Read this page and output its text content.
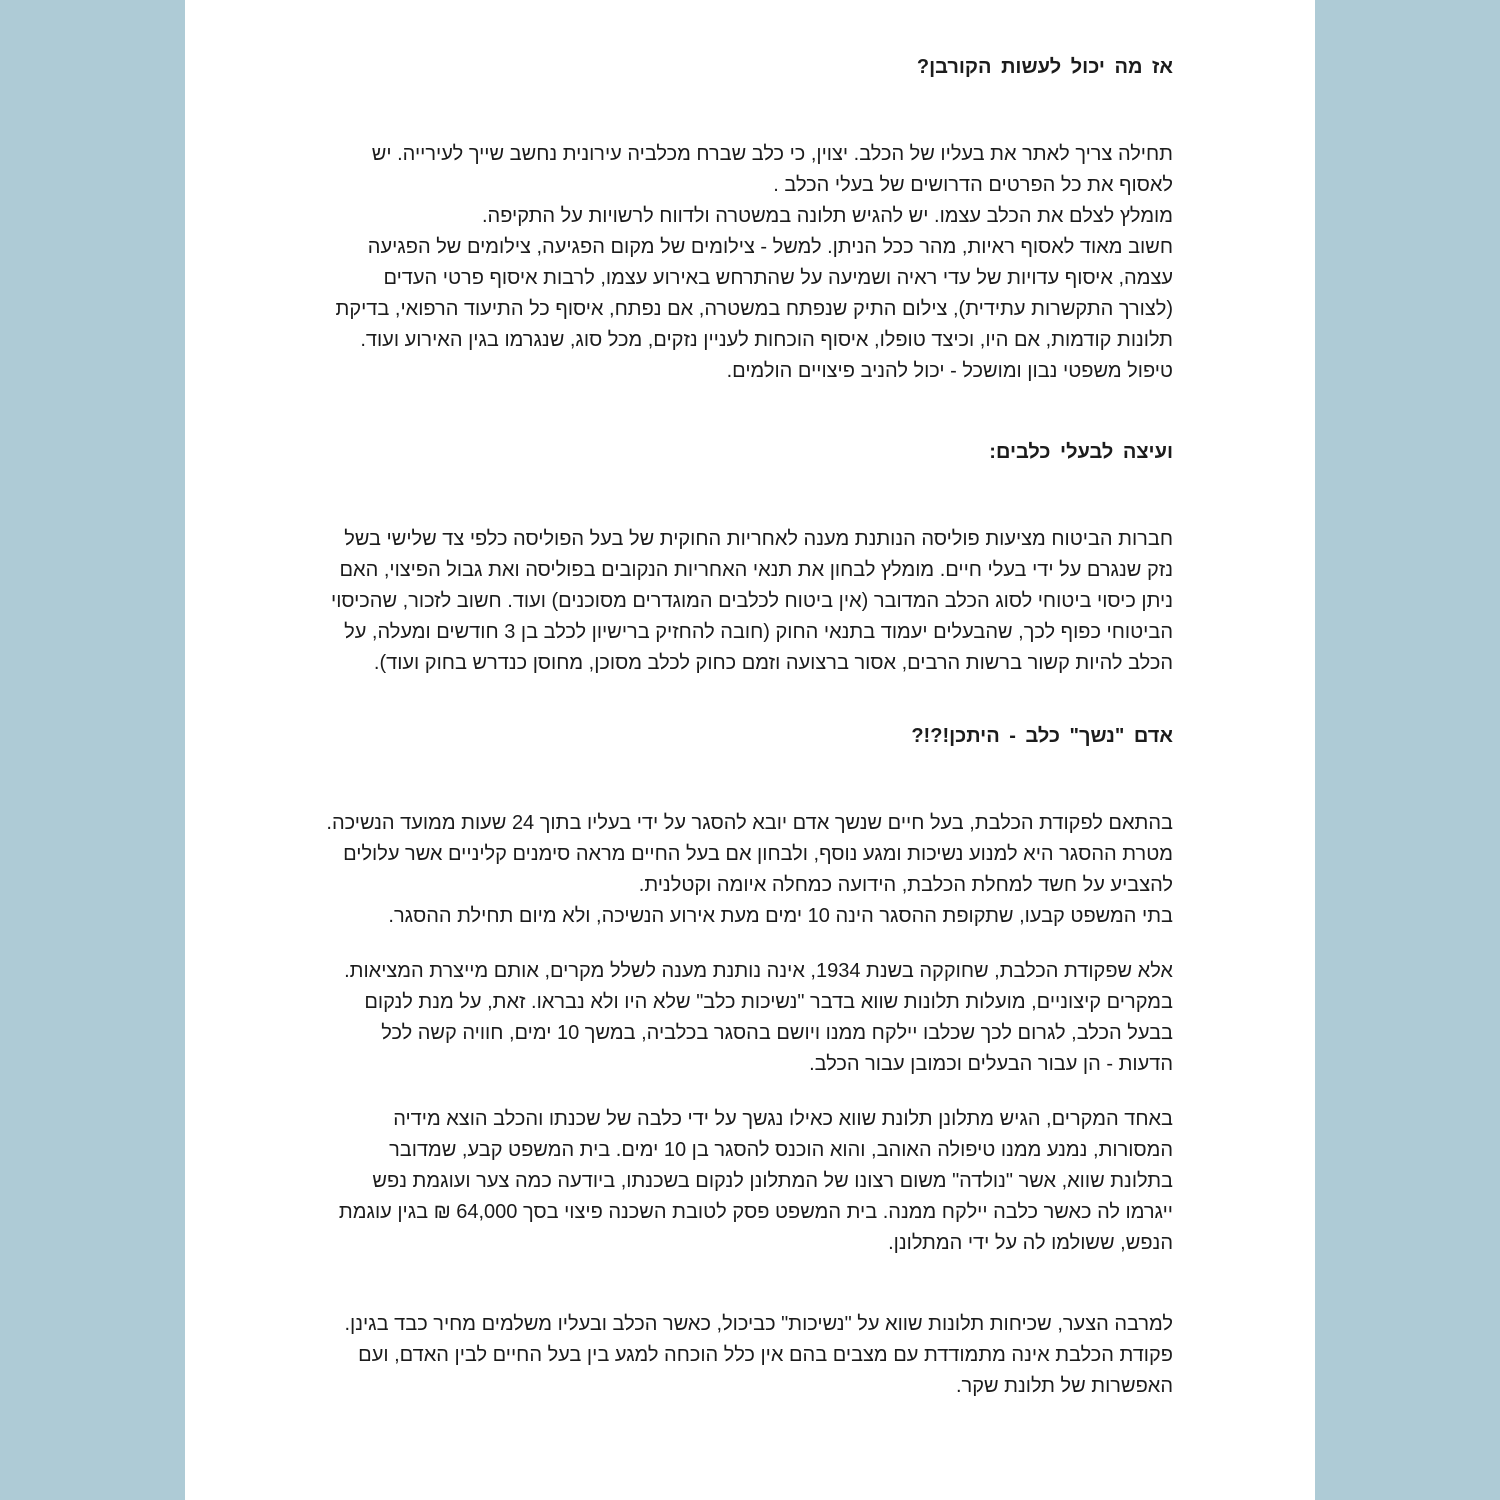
אז מה יכול לעשות הקורבן?

תחילה צריך לאתר את בעליו של הכלב. יצוין, כי כלב שברח מכלביה עירונית נחשב שייך לעירייה. יש לאסוף את כל הפרטים הדרושים של בעלי הכלב .

מומלץ לצלם את הכלב עצמו. יש להגיש תלונה במשטרה ולדווח לרשויות על התקיפה.

חשוב מאוד לאסוף ראיות, מהר ככל הניתן. למשל - צילומים של מקום הפגיעה, צילומים של הפגיעה עצמה, איסוף עדויות של עדי ראיה ושמיעה על שהתרחש באירוע עצמו, לרבות איסוף פרטי העדים (לצורך התקשרות עתידית), צילום התיק שנפתח במשטרה, אם נפתח, איסוף כל התיעוד הרפואי, בדיקת תלונות קודמות, אם היו, וכיצד טופלו, איסוף הוכחות לעניין נזקים, מכל סוג, שנגרמו בגין האירוע ועוד. טיפול משפטי נבון ומושכל - יכול להניב פיצויים הולמים.

ועיצה לבעלי כלבים:

חברות הביטוח מציעות פוליסה הנותנת מענה לאחריות החוקית של בעל הפוליסה כלפי צד שלישי בשל נזק שנגרם על ידי בעלי חיים. מומלץ לבחון את תנאי האחריות הנקובים בפוליסה ואת גבול הפיצוי, האם ניתן כיסוי ביטוחי לסוג הכלב המדובר (אין ביטוח לכלבים המוגדרים מסוכנים) ועוד. חשוב לזכור, שהכיסוי הביטוחי כפוף לכך, שהבעלים יעמוד בתנאי החוק (חובה להחזיק ברישיון לכלב בן 3 חודשים ומעלה, על הכלב להיות קשור ברשות הרבים, אסור ברצועה וזמם כחוק לכלב מסוכן, מחוסן כנדרש בחוק ועוד).

אדם "נשך" כלב - היתכן!?!?

בהתאם לפקודת הכלבת, בעל חיים שנשך אדם יובא להסגר על ידי בעליו בתוך 24 שעות ממועד הנשיכה. מטרת ההסגר היא למנוע נשיכות ומגע נוסף, ולבחון אם בעל החיים מראה סימנים קליניים אשר עלולים להצביע על חשד למחלת הכלבת, הידועה כמחלה איומה וקטלנית.

בתי המשפט קבעו, שתקופת ההסגר הינה 10 ימים מעת אירוע הנשיכה, ולא מיום תחילת ההסגר.

אלא שפקודת הכלבת, שחוקקה בשנת 1934, אינה נותנת מענה לשלל מקרים, אותם מייצרת המציאות. במקרים קיצוניים, מועלות תלונות שווא בדבר "נשיכות כלב" שלא היו ולא נבראו. זאת, על מנת לנקום בבעל הכלב, לגרום לכך שכלבו יילקח ממנו ויושם בהסגר בכלביה, במשך 10 ימים, חוויה קשה לכל הדעות - הן עבור הבעלים וכמובן עבור הכלב.

באחד המקרים, הגיש מתלונן תלונת שווא כאילו נגשך על ידי כלבה של שכנתו והכלב הוצא מידיה המסורות, נמנע ממנו טיפולה האוהב, והוא הוכנס להסגר בן 10 ימים. בית המשפט קבע, שמדובר בתלונת שווא, אשר "נולדה" משום רצונו של המתלונן לנקום בשכנתו, ביודעה כמה צער ועוגמת נפש ייגרמו לה כאשר כלבה יילקח ממנה. בית המשפט פסק לטובת השכנה פיצוי בסך 64,000 ₪ בגין עוגמת הנפש, ששולמו לה על ידי המתלונן.

למרבה הצער, שכיחות תלונות שווא על "נשיכות" כביכול, כאשר הכלב ובעליו משלמים מחיר כבד בגינן. פקודת הכלבת אינה מתמודדת עם מצבים בהם אין כלל הוכחה למגע בין בעל החיים לבין האדם, ועם האפשרות של תלונת שקר.
